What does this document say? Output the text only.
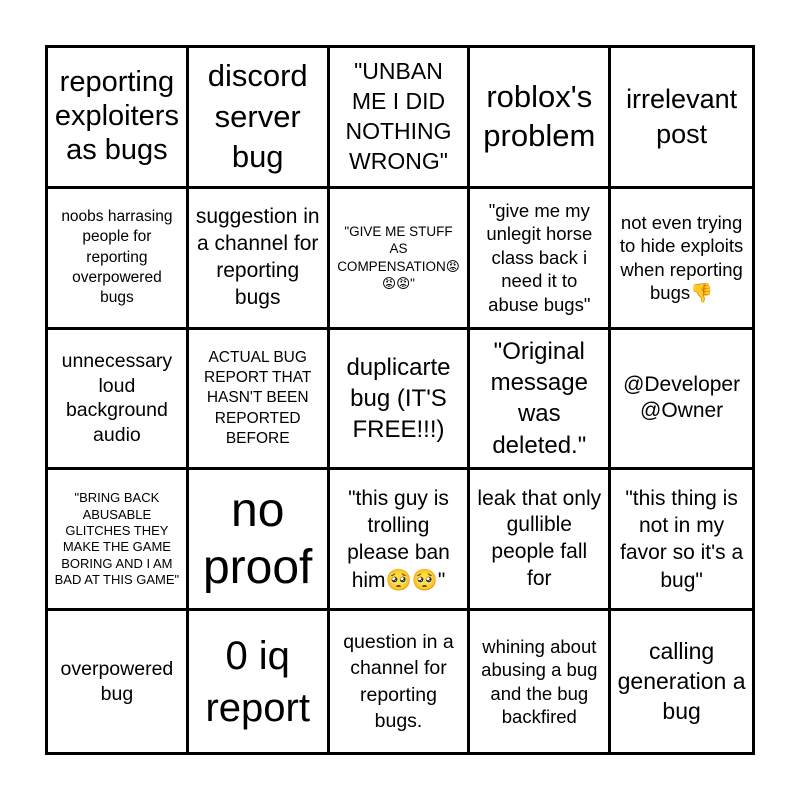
reporting exploiters as bugs
discord server bug
"UNBAN ME I DID NOTHING WRONG"
roblox's problem
irrelevant post
noobs harrasing people for reporting overpowered bugs
suggestion in a channel for reporting bugs
"GIVE ME STUFF AS COMPENSATION😡😡😡"
"give me my unlegit horse class back i need it to abuse bugs"
not even trying to hide exploits when reporting bugs👎
unnecessary loud background audio
ACTUAL BUG REPORT THAT HASN'T BEEN REPORTED BEFORE
duplicarte bug (IT'S FREE!!!)
"Original message was deleted."
@Developer @Owner
"BRING BACK ABUSABLE GLITCHES THEY MAKE THE GAME BORING AND I AM BAD AT THIS GAME"
no proof
"this guy is trolling please ban him🥺🥺"
leak that only gullible people fall for
"this thing is not in my favor so it's a bug"
overpowered bug
0 iq report
question in a channel for reporting bugs.
whining about abusing a bug and the bug backfired
calling generation a bug
